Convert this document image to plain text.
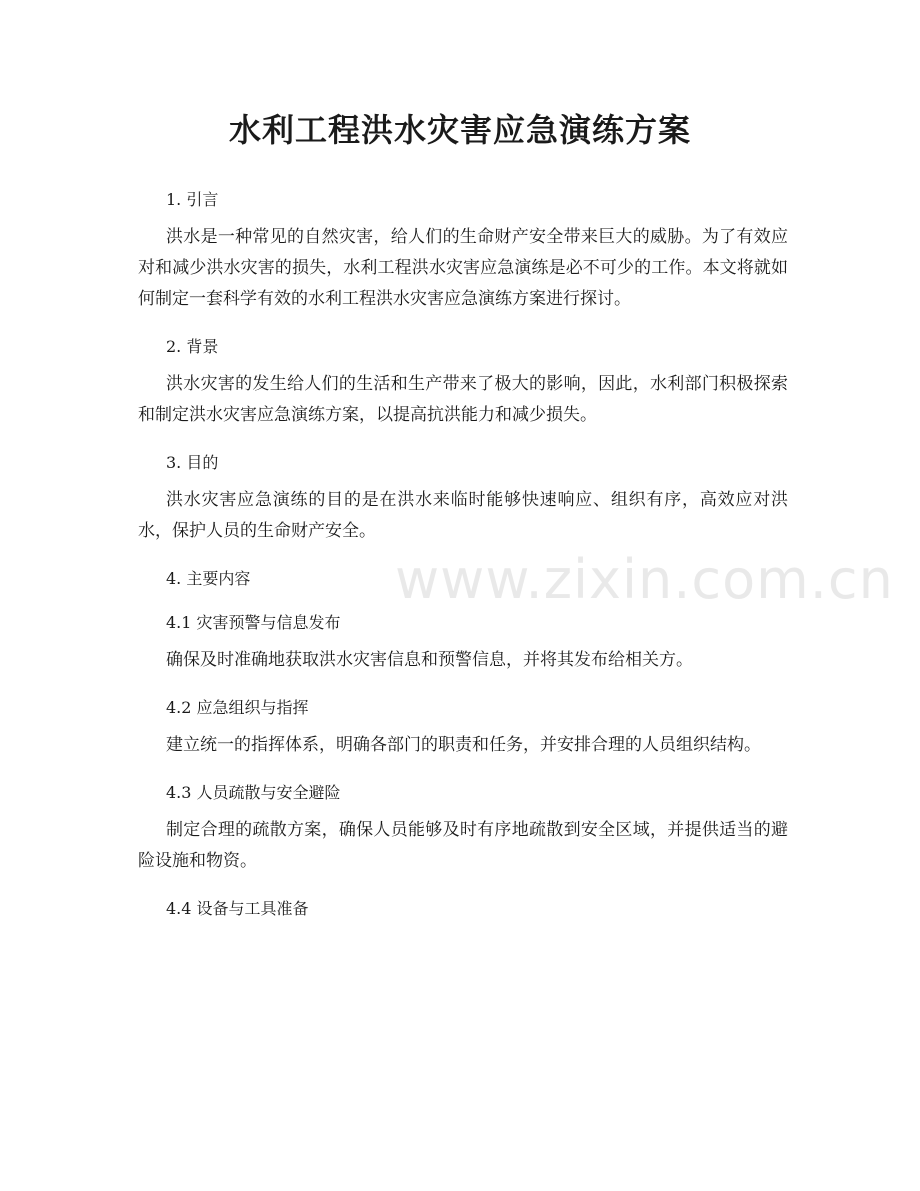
水利工程洪水灾害应急演练方案
1. 引言

洪水是一种常见的自然灾害，给人们的生命财产安全带来巨大的威胁。为了有效应对和减少洪水灾害的损失，水利工程洪水灾害应急演练是必不可少的工作。本文将就如何制定一套科学有效的水利工程洪水灾害应急演练方案进行探讨。

2. 背景

洪水灾害的发生给人们的生活和生产带来了极大的影响，因此，水利部门积极探索和制定洪水灾害应急演练方案，以提高抗洪能力和减少损失。

3. 目的

洪水灾害应急演练的目的是在洪水来临时能够快速响应、组织有序，高效应对洪水，保护人员的生命财产安全。

4. 主要内容
4.1 灾害预警与信息发布

确保及时准确地获取洪水灾害信息和预警信息，并将其发布给相关方。

4.2 应急组织与指挥

建立统一的指挥体系，明确各部门的职责和任务，并安排合理的人员组织结构。

4.3 人员疏散与安全避险

制定合理的疏散方案，确保人员能够及时有序地疏散到安全区域，并提供适当的避险设施和物资。

4.4 设备与工具准备
www.zixin.com.cn
